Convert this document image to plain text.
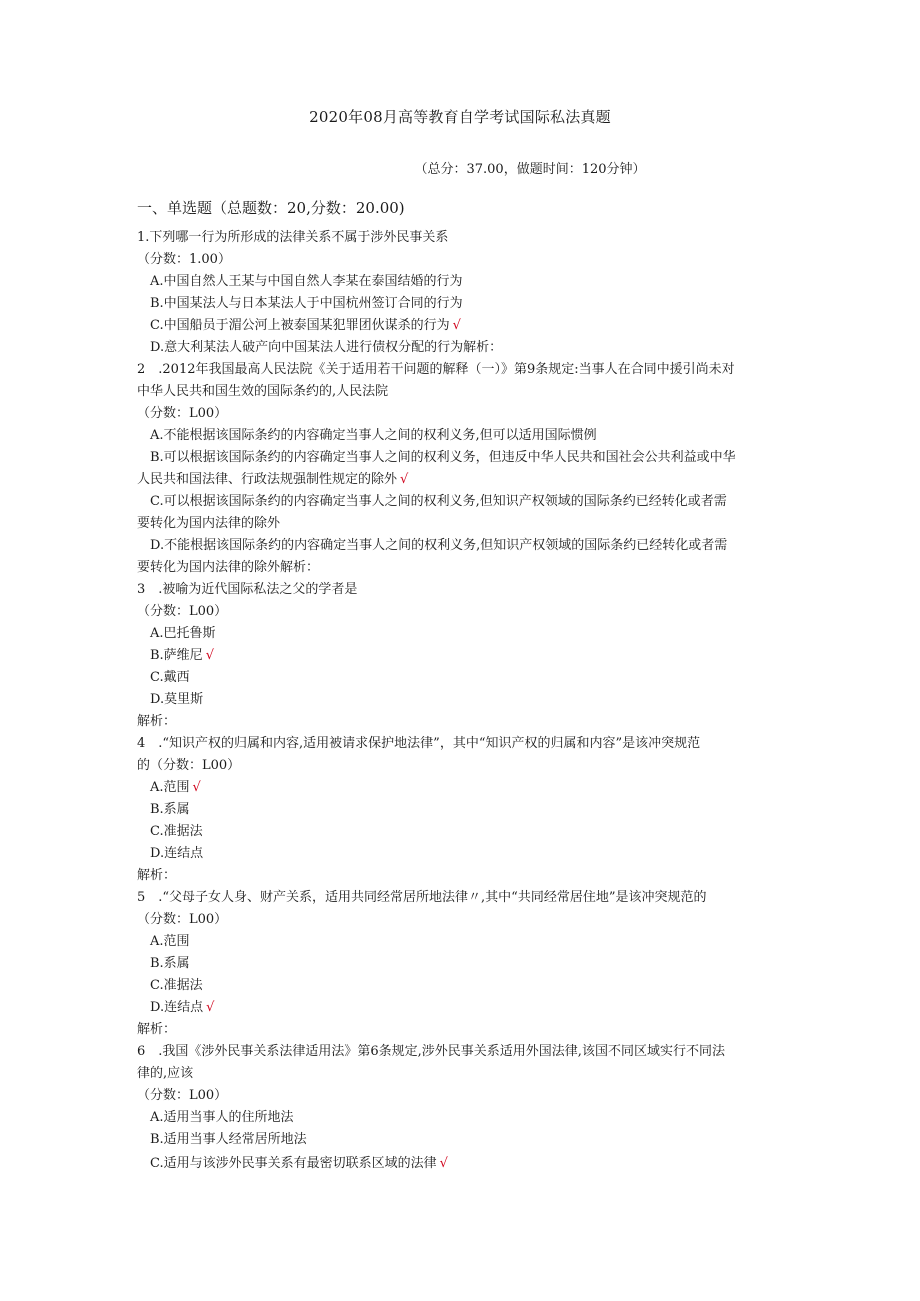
2020年08月高等教育自学考试国际私法真题
（总分：37.00，做题时间：120分钟）
一、单选题（总题数：20,分数：20.00)
1.下列哪一行为所形成的法律关系不属于涉外民事关系
（分数：1.00）
A.中国自然人王某与中国自然人李某在泰国结婚的行为
B.中国某法人与日本某法人于中国杭州签订合同的行为
C.中国船员于湄公河上被泰国某犯罪团伙谋杀的行为 √
D.意大利某法人破产向中国某法人进行债权分配的行为解析：
2　.2012年我国最高人民法院《关于适用若干问题的解释（一）》第9条规定:当事人在合同中援引尚未对
中华人民共和国生效的国际条约的,人民法院
（分数：L00）
A.不能根据该国际条约的内容确定当事人之间的权利义务,但可以适用国际惯例
B.可以根据该国际条约的内容确定当事人之间的权利义务，但违反中华人民共和国社会公共利益或中华
人民共和国法律、行政法规强制性规定的除外 √
C.可以根据该国际条约的内容确定当事人之间的权利义务,但知识产权领域的国际条约已经转化或者需
要转化为国内法律的除外
D.不能根据该国际条约的内容确定当事人之间的权利义务,但知识产权领域的国际条约已经转化或者需
要转化为国内法律的除外解析：
3　.被喻为近代国际私法之父的学者是
（分数：L00）
A.巴托鲁斯
B.萨维尼 √
C.戴西
D.莫里斯
解析：
4　.“知识产权的归属和内容,适用被请求保护地法律”，其中“知识产权的归属和内容”是该冲突规范
的（分数：L00）
A.范围 √
B.系属
C.准据法
D.连结点
解析：
5　.“父母子女人身、财产关系，适用共同经常居所地法律〃,其中“共同经常居住地”是该冲突规范的
（分数：L00）
A.范围
B.系属
C.准据法
D.连结点 √
解析：
6　.我国《涉外民事关系法律适用法》第6条规定,涉外民事关系适用外国法律,该国不同区域实行不同法
律的,应该
（分数：L00）
A.适用当事人的住所地法
B.适用当事人经常居所地法
C.适用与该涉外民事关系有最密切联系区域的法律 √
